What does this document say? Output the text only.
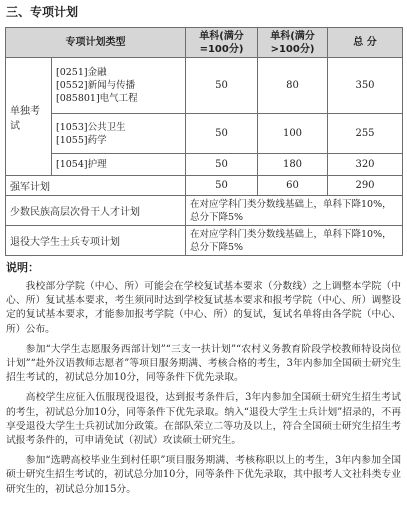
三、专项计划
专项计划类型		单科(满分=100分)	单科(满分>100分)	总 分
单独考试	[0251]金融
[0552]新闻与传播
[085801]电气工程	50	80	350

	[1053]公共卫生
[1055]药学	50	100	255

	[1054]护理	50	180	320
强军计划		50	60	290
少数民族高层次骨干人才计划		在对应学科门类分数线基础上，单科下降10%，总分下降5%		
退役大学生士兵专项计划		在对应学科门类分数线基础上，单科下降10%，总分下降5%		
说明：

我校部分学院（中心、所）可能会在学校复试基本要求（分数线）之上调整本学院（中心、所）复试基本要求，考生须同时达到学校复试基本要求和报考学院（中心、所）调整设定的复试基本要求，才能参加报考学院（中心、所）的复试，复试名单将由各学院（中心、所）公布。

参加“大学生志愿服务西部计划”“三支一扶计划”“农村义务教育阶段学校教师特设岗位计划”“赴外汉语教师志愿者”等项目服务期满、考核合格的考生，3年内参加全国硕士研究生招生考试的，初试总分加10分，同等条件下优先录取。

高校学生应征入伍服现役退役，达到报考条件后，3年内参加全国硕士研究生招生考试的考生，初试总分加10分，同等条件下优先录取。纳入“退役大学生士兵计划”招录的，不再享受退役大学生士兵初试加分政策。在部队荣立二等功及以上，符合全国硕士研究生招生考试报考条件的，可申请免试（初试）攻读硕士研究生。

参加“选聘高校毕业生到村任职”项目服务期满、考核称职以上的考生，3年内参加全国硕士研究生招生考试的，初试总分加10分，同等条件下优先录取，其中报考人文社科类专业研究生的，初试总分加15分。
